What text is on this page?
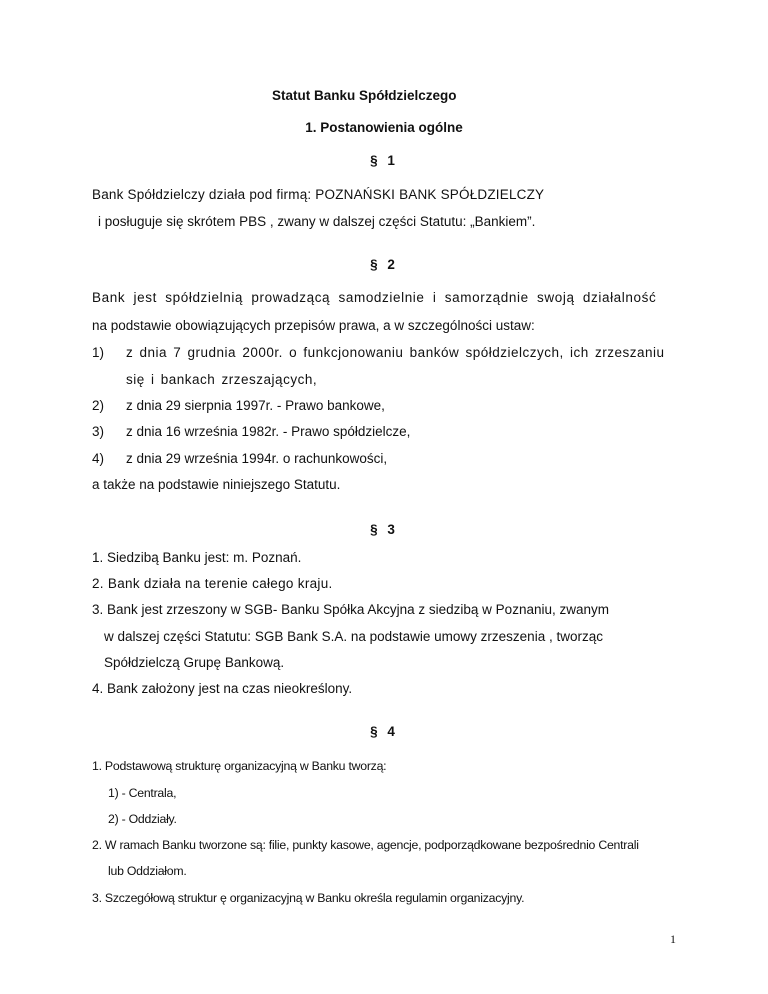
Statut Banku Spółdzielczego
1. Postanowienia ogólne
§ 1
Bank Spółdzielczy działa pod firmą: POZNAŃSKI BANK SPÓŁDZIELCZY
i posługuje się skrótem PBS , zwany w dalszej części Statutu: „Bankiem”.
§ 2
Bank jest spółdzielnią prowadzącą samodzielnie i samorządnie swoją działalność
na podstawie obowiązujących przepisów prawa, a w szczególności ustaw:
1) z dnia 7 grudnia 2000r. o funkcjonowaniu banków spółdzielczych, ich zrzeszaniu
się i bankach zrzeszających,
2) z dnia 29 sierpnia 1997r. - Prawo bankowe,
3) z dnia 16 września 1982r. - Prawo spółdzielcze,
4) z dnia 29 września 1994r. o rachunkowości,
a także na podstawie niniejszego Statutu.
§ 3
1. Siedzibą Banku jest: m. Poznań.
2. Bank działa na terenie całego kraju.
3. Bank jest zrzeszony w SGB- Banku Spółka Akcyjna z siedzibą w Poznaniu, zwanym
w dalszej części Statutu: SGB Bank S.A. na podstawie umowy zrzeszenia , tworząc
Spółdzielczą Grupę Bankową.
4. Bank założony jest na czas nieokreślony.
§ 4
1. Podstawową strukturę organizacyjną w Banku tworzą:
1) - Centrala,
2) - Oddziały.
2. W ramach Banku tworzone są: filie, punkty kasowe, agencje, podporządkowane bezpośrednio Centrali
lub Oddziałom.
3. Szczegółową struktur ę organizacyjną w Banku określa regulamin organizacyjny.
1
